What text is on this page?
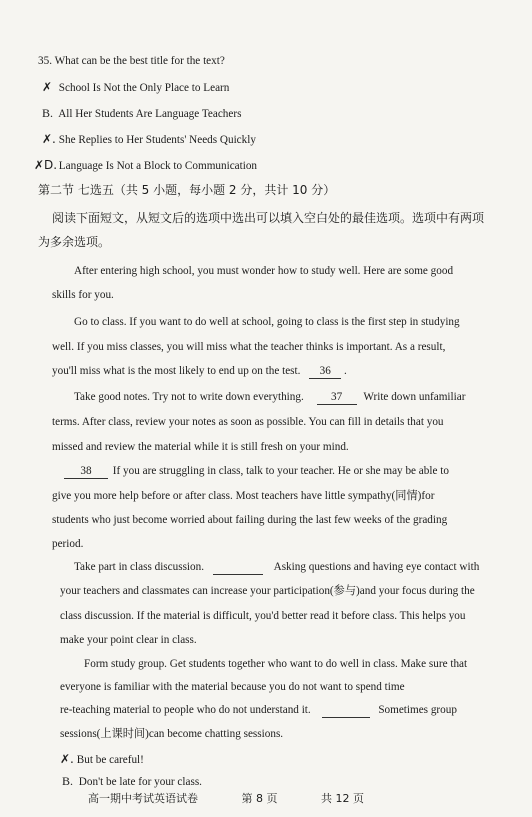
35. What can be the best title for the text?
✗ School Is Not the Only Place to Learn
B. All Her Students Are Language Teachers
✗. She Replies to Her Students' Needs Quickly
✗D. Language Is Not a Block to Communication
第二节 七选五（共 5 小题，每小题 2 分，共计 10 分）
阅读下面短文，从短文后的选项中选出可以填入空白处的最佳选项。选项中有两项
为多余选项。
After entering high school, you must wonder how to study well. Here are some good
skills for you.
Go to class. If you want to do well at school, going to class is the first step in studying
well. If you miss classes, you will miss what the teacher thinks is important. As a result,
you'll miss what is the most likely to end up on the test. 36 .
Take good notes. Try not to write down everything. 37 Write down unfamiliar
terms. After class, review your notes as soon as possible. You can fill in details that you
missed and review the material while it is still fresh on your mind.
38 If you are struggling in class, talk to your teacher. He or she may be able to
give you more help before or after class. Most teachers have little sympathy(同情)for
students who just become worried about failing during the last few weeks of the grading
period.
Take part in class discussion.	Asking questions and having eye contact with
your teachers and classmates can increase your participation(参与)and your focus during the
class discussion. If the material is difficult, you'd better read it before class. This helps you
make your point clear in class.
Form study group. Get students together who want to do well in class. Make sure that
everyone is familiar with the material because you do not want to spend time
re-teaching material to people who do not understand it.	Sometimes group
sessions(上课时间)can become chatting sessions.
✗. But be careful!
B. Don't be late for your class.
高一期中考试英语试卷	第 8 页	共 12 页
